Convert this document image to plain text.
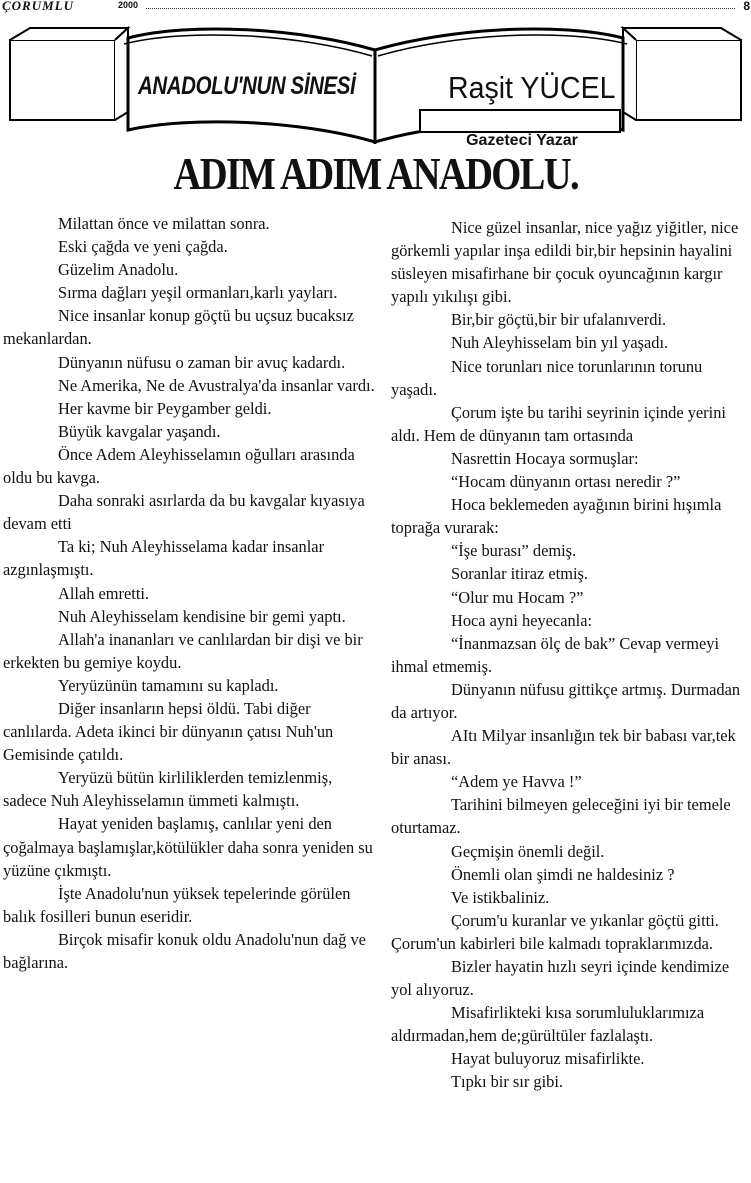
ÇORUMLU	2000	8
ANADOLU'NUN SİNESİ	Raşit YÜCEL
Gazeteci Yazar
ADIM ADIM ANADOLU.

Milattan önce ve milattan sonra.

Eski çağda ve yeni çağda.

Güzelim Anadolu.

Sırma dağları yeşil ormanları,karlı yayları.

Nice insanlar konup göçtü bu uçsuz bucaksız      mekanlardan.

Dünyanın nüfusu o zaman bir avuç kadardı.

Ne Amerika, Ne de Avustralya'da insanlar vardı.

Her kavme bir Peygamber geldi.

Büyük kavgalar yaşandı.

Önce Adem Aleyhisselamın oğulları arasında oldu bu kavga.

Daha sonraki asırlarda da bu kavgalar kıyasıya devam etti

Ta ki; Nuh Aleyhisselama kadar insanlar azgınlaşmıştı.

Allah emretti.

Nuh Aleyhisselam kendisine bir gemi yaptı.

Allah'a inananları ve canlılardan bir dişi ve bir erkekten bu gemiye koydu.

Yeryüzünün tamamını su kapladı.

Diğer insanların hepsi öldü. Tabi diğer canlılarda. Adeta ikinci bir dünyanın çatısı Nuh'un Gemisinde çatıldı.

Yeryüzü bütün kirliliklerden temizlenmiş, sadece Nuh Aleyhisselamın ümmeti kalmıştı.

Hayat yeniden başlamış, canlılar yeni den çoğalmaya başlamışlar,kötülükler daha sonra yeniden su yüzüne çıkmıştı.

İşte Anadolu'nun yüksek tepelerinde görülen balık fosilleri bunun eseridir.

Birçok misafir konuk oldu Anadolu'nun dağ ve bağlarına.

Nice güzel insanlar, nice yağız yiğitler, nice görkemli yapılar inşa edildi bir,bir hepsinin hayalini süsleyen misafirhane bir çocuk oyuncağının kargır yapılı yıkılışı gibi.

Bir,bir göçtü,bir bir ufalanıverdi.

Nuh Aleyhisselam bin yıl yaşadı.

Nice torunları nice torunlarının torunu yaşadı.

Çorum işte bu tarihi seyrinin içinde yerini aldı. Hem de dünyanın tam ortasında

Nasrettin Hocaya sormuşlar:

“Hocam dünyanın ortası neredir ?”

Hoca beklemeden ayağının birini hışımla toprağa vurarak:

“İşe burası” demiş.

Soranlar itiraz etmiş.

“Olur mu Hocam ?”

Hoca ayni heyecanla:

“İnanmazsan ölç de bak” Cevap vermeyi ihmal etmemiş.

Dünyanın nüfusu gittikçe artmış. Durmadan da artıyor.

AItı Milyar insanlığın tek bir babası var,tek bir anası.

“Adem ye Havva !”

Tarihini bilmeyen geleceğini iyi bir temele oturtamaz.

Geçmişin önemli değil.

Önemli olan şimdi ne haldesiniz ?

Ve istikbaliniz.

Çorum'u kuranlar ve yıkanlar göçtü gitti. Çorum'un kabirleri bile kalmadı topraklarımızda.

Bizler hayatin hızlı seyri içinde kendimize yol alıyoruz.

Misafirlikteki kısa sorumluluklarımıza aldırmadan,hem de;gürültüler fazlalaştı.

Hayat buluyoruz misafirlikte.

Tıpkı bir sır gibi.
